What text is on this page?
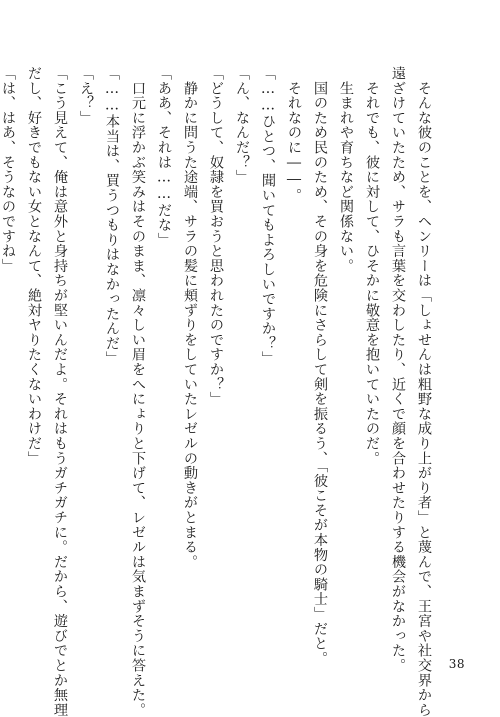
　そんな彼のことを、ヘンリーは「しょせんは粗野な成り上がり者」と蔑んで、王宮や社交界から

遠ざけていたため、サラも言葉を交わしたり、近くで顔を合わせたりする機会がなかった。

　それでも、彼に対して、ひそかに敬意を抱いていたのだ。

　生まれや育ちなど関係ない。

　国のため民のため、その身を危険にさらして剣を振るう、「彼こそが本物の騎士」だと。

　それなのに――。

「……ひとつ、聞いてもよろしいですか？」

「ん、なんだ？」

「どうして、奴隷を買おうと思われたのですか？」

　静かに問うた途端、サラの髪に頬ずりをしていたレゼルの動きがとまる。

「ああ、それは……だな」

　口元に浮かぶ笑みはそのまま、凛々しい眉をへにょりと下げて、レゼルは気まずそうに答えた。

「……本当は、買うつもりはなかったんだ」

「え？」

「こう見えて、俺は意外と身持ちが堅いんだよ。それはもうガチガチに。だから、遊びでとか無理

だし、好きでもない女となんて、絶対ヤりたくないわけだ」

「は、はあ、そうなのですね」

38
